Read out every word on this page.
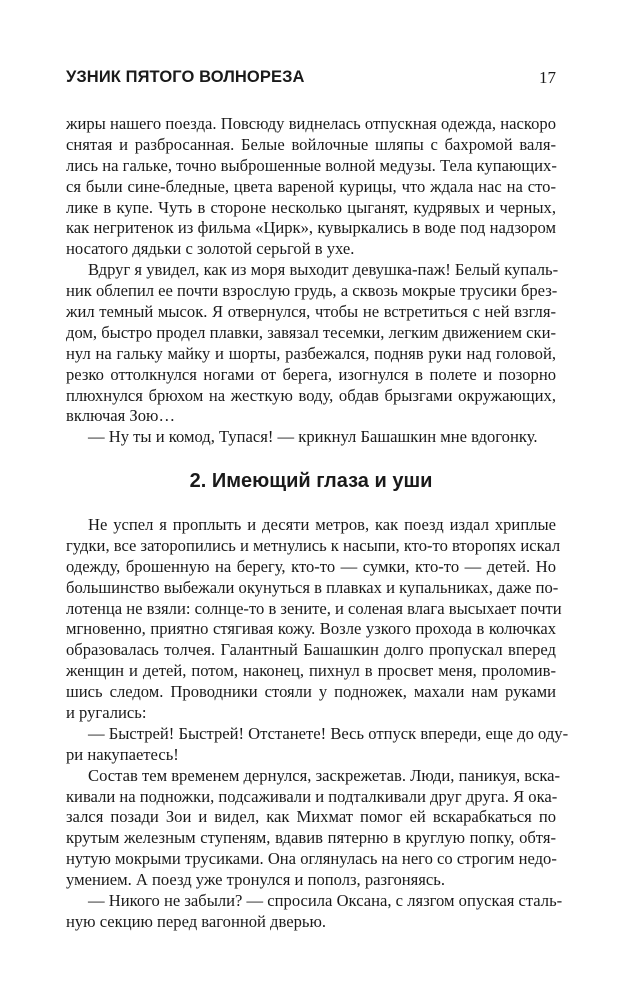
УЗНИК ПЯТОГО ВОЛНОРЕЗА	17
жиры нашего поезда. Повсюду виднелась отпускная одежда, наскоро
снятая и разбросанная. Белые войлочные шляпы с бахромой валя-
лись на гальке, точно выброшенные волной медузы. Тела купающих-
ся были сине-бледные, цвета вареной курицы, что ждала нас на сто-
лике в купе. Чуть в стороне несколько цыганят, кудрявых и черных,
как негритенок из фильма «Цирк», кувыркались в воде под надзором
носатого дядьки с золотой серьгой в ухе.
Вдруг я увидел, как из моря выходит девушка-паж! Белый купаль-
ник облепил ее почти взрослую грудь, а сквозь мокрые трусики брез-
жил темный мысок. Я отвернулся, чтобы не встретиться с ней взгля-
дом, быстро продел плавки, завязал тесемки, легким движением ски-
нул на гальку майку и шорты, разбежался, подняв руки над головой,
резко оттолкнулся ногами от берега, изогнулся в полете и позорно
плюхнулся брюхом на жесткую воду, обдав брызгами окружающих,
включая Зою…
— Ну ты и комод, Тупася! — крикнул Башашкин мне вдогонку.
2. Имеющий глаза и уши
Не успел я проплыть и десяти метров, как поезд издал хриплые
гудки, все заторопились и метнулись к насыпи, кто-то второпях искал
одежду, брошенную на берегу, кто-то — сумки, кто-то — детей. Но
большинство выбежали окунуться в плавках и купальниках, даже по-
лотенца не взяли: солнце-то в зените, и соленая влага высыхает почти
мгновенно, приятно стягивая кожу. Возле узкого прохода в колючках
образовалась толчея. Галантный Башашкин долго пропускал вперед
женщин и детей, потом, наконец, пихнул в просвет меня, проломив-
шись следом. Проводники стояли у подножек, махали нам руками
и ругались:
— Быстрей! Быстрей! Отстанете! Весь отпуск впереди, еще до оду-
ри накупаетесь!
Состав тем временем дернулся, заскрежетав. Люди, паникуя, вска-
кивали на подножки, подсаживали и подталкивали друг друга. Я ока-
зался позади Зои и видел, как Михмат помог ей вскарабкаться по
крутым железным ступеням, вдавив пятерню в круглую попку, обтя-
нутую мокрыми трусиками. Она оглянулась на него со строгим недо-
умением. А поезд уже тронулся и пополз, разгоняясь.
— Никого не забыли? — спросила Оксана, с лязгом опуская сталь-
ную секцию перед вагонной дверью.
